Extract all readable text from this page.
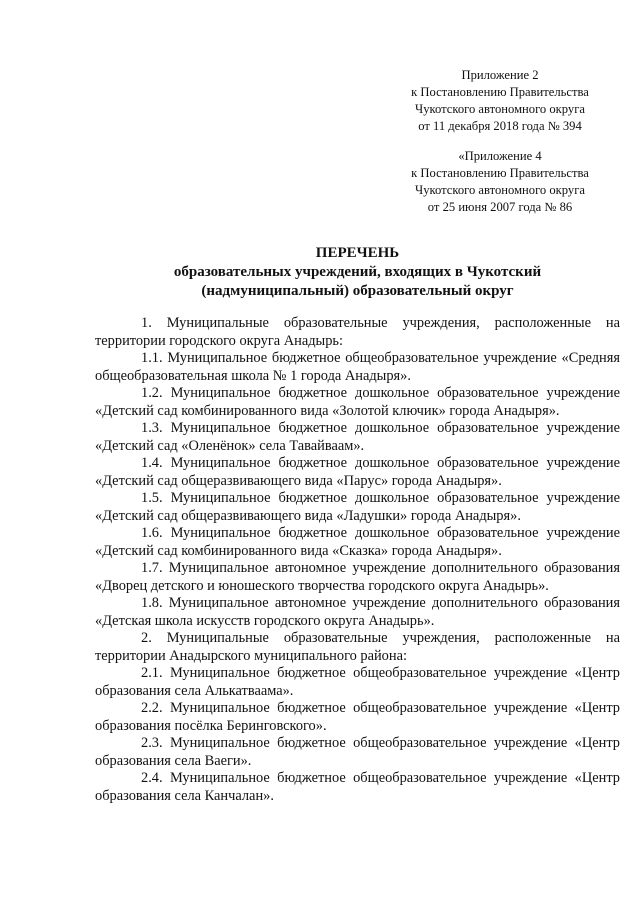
Приложение 2
к Постановлению Правительства
Чукотского автономного округа
от 11 декабря 2018 года № 394
«Приложение 4
к Постановлению Правительства
Чукотского автономного округа
от 25 июня 2007 года № 86
ПЕРЕЧЕНЬ
образовательных учреждений, входящих в Чукотский
(надмуниципальный) образовательный округ
1. Муниципальные образовательные учреждения, расположенные на территории городского округа Анадырь:
1.1. Муниципальное бюджетное общеобразовательное учреждение «Средняя общеобразовательная школа № 1 города Анадыря».
1.2. Муниципальное бюджетное дошкольное образовательное учреждение «Детский сад комбинированного вида «Золотой ключик» города Анадыря».
1.3. Муниципальное бюджетное дошкольное образовательное учреждение «Детский сад «Оленёнок» села Тавайваам».
1.4. Муниципальное бюджетное дошкольное образовательное учреждение «Детский сад общеразвивающего вида «Парус» города Анадыря».
1.5. Муниципальное бюджетное дошкольное образовательное учреждение «Детский сад общеразвивающего вида «Ладушки» города Анадыря».
1.6. Муниципальное бюджетное дошкольное образовательное учреждение «Детский сад комбинированного вида «Сказка» города Анадыря».
1.7. Муниципальное автономное учреждение дополнительного образования «Дворец детского и юношеского творчества городского округа Анадырь».
1.8. Муниципальное автономное учреждение дополнительного образования «Детская школа искусств городского округа Анадырь».
2. Муниципальные образовательные учреждения, расположенные на территории Анадырского муниципального района:
2.1. Муниципальное бюджетное общеобразовательное учреждение «Центр образования села Алькатваама».
2.2. Муниципальное бюджетное общеобразовательное учреждение «Центр образования посёлка Беринговского».
2.3. Муниципальное бюджетное общеобразовательное учреждение «Центр образования села Ваеги».
2.4. Муниципальное бюджетное общеобразовательное учреждение «Центр образования села Канчалан».
